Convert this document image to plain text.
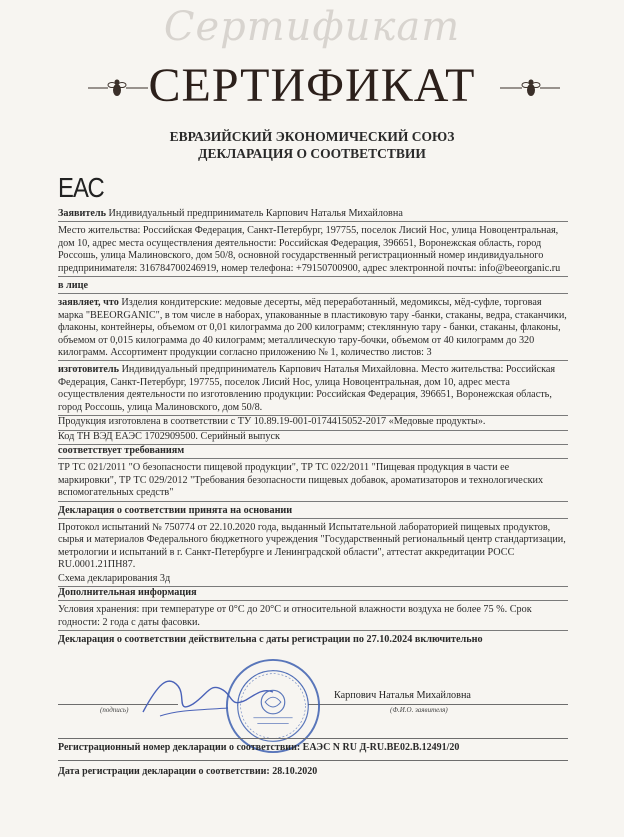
Сертификат
СЕРТИФИКАТ
ЕВРАЗИЙСКИЙ ЭКОНОМИЧЕСКИЙ СОЮЗ
ДЕКЛАРАЦИЯ О СООТВЕТСТВИИ
ЕАС
Заявитель Индивидуальный предприниматель Карпович Наталья Михайловна
Место жительства: Российская Федерация, Санкт-Петербург, 197755, поселок Лисий Нос, улица Новоцентральная, дом 10, адрес места осуществления деятельности: Российская Федерация, 396651, Воронежская область, город Россошь, улица Малиновского, дом 50/8, основной государственный регистрационный номер индивидуального предпринимателя: 316784700246919, номер телефона: +79150700900, адрес электронной почты: info@beeorganic.ru
в лице
заявляет, что Изделия кондитерские: медовые десерты, мёд переработанный, медомиксы, мёд-суфле, торговая марка "BEEORGANIC", в том числе в наборах, упакованные в пластиковую тару -банки, стаканы, ведра, стаканчики, флаконы, контейнеры, объемом от 0,01 килограмма до 200 килограмм; стеклянную тару - банки, стаканы, флаконы, объемом от 0,015 килограмма до 40 килограмм; металлическую тару-бочки, объемом от 40 килограмм до 320 килограмм. Ассортимент продукции согласно приложению № 1, количество листов: 3
изготовитель Индивидуальный предприниматель Карпович Наталья Михайловна. Место жительства: Российская Федерация, Санкт-Петербург, 197755, поселок Лисий Нос, улица Новоцентральная, дом 10, адрес места осуществления деятельности по изготовлению продукции: Российская Федерация, 396651, Воронежская область, город Россошь, улица Малиновского, дом 50/8.
Продукция изготовлена в соответствии с ТУ 10.89.19-001-0174415052-2017 «Медовые продукты».
Код ТН ВЭД ЕАЭС 1702909500. Серийный выпуск
соответствует требованиям
ТР ТС 021/2011 "О безопасности пищевой продукции", ТР ТС 022/2011 "Пищевая продукция в части ее маркировки", ТР ТС 029/2012 "Требования безопасности пищевых добавок, ароматизаторов и технологических вспомогательных средств"
Декларация о соответствии принята на основании
Протокол испытаний № 750774 от 22.10.2020 года, выданный Испытательной лабораторией пищевых продуктов, сырья и материалов Федерального бюджетного учреждения "Государственный региональный центр стандартизации, метрологии и испытаний в г. Санкт-Петербурге и Ленинградской области", аттестат аккредитации РОСС RU.0001.21ПН87.
Схема декларирования 3д
Дополнительная информация
Условия хранения: при температуре от 0°С до 20°С и относительной влажности воздуха не более 75 %. Срок годности: 2 года с даты фасовки.
Декларация о соответствии действительна с даты регистрации по 27.10.2024 включительно
(подпись)
Карпович Наталья Михайловна
(Ф.И.О. заявителя)
Регистрационный номер декларации о соответствии: ЕАЭС N RU Д-RU.ВЕ02.В.12491/20
Дата регистрации декларации о соответствии: 28.10.2020
